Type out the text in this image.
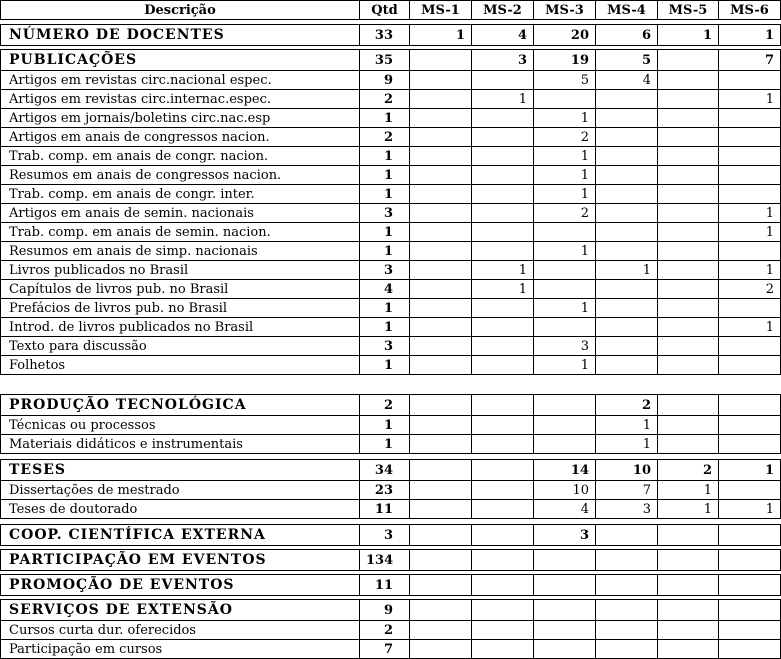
Descrição	Qtd	MS-1	MS-2	MS-3	MS-4	MS-5	MS-6
NÚMERO DE DOCENTES	33	1	4	20	6	1	1
PUBLICAÇÕES	35		3	19	5		7
Artigos em revistas circ.nacional espec.	9			5	4		
Artigos em revistas circ.internac.espec.	2		1				1
Artigos em jornais/boletins circ.nac.esp	1			1			
Artigos em anais de congressos nacion.	2			2			
Trab. comp. em anais de congr. nacion.	1			1			
Resumos em anais de congressos nacion.	1			1			
Trab. comp. em anais de congr. inter.	1			1			
Artigos em anais de semin. nacionais	3			2			1
Trab. comp. em anais de semin. nacion.	1						1
Resumos em anais de simp. nacionais	1			1			
Livros publicados no Brasil	3		1		1		1
Capítulos de livros pub. no Brasil	4		1				2
Prefácios de livros pub. no Brasil	1			1			
Introd. de livros publicados no Brasil	1						1
Texto para discussão	3			3			
Folhetos	1			1			
PRODUÇÃO TECNOLÓGICA	2				2		
Técnicas ou processos	1				1		
Materiais didáticos e instrumentais	1				1		
TESES	34			14	10	2	1
Dissertações de mestrado	23			10	7	1	
Teses de doutorado	11			4	3	1	1
COOP. CIENTÍFICA EXTERNA	3			3			
PARTICIPAÇÃO EM EVENTOS	134						
PROMOÇÃO DE EVENTOS	11						
SERVIÇOS DE EXTENSÃO	9						
Cursos curta dur. oferecidos	2						
Participação em cursos	7						
